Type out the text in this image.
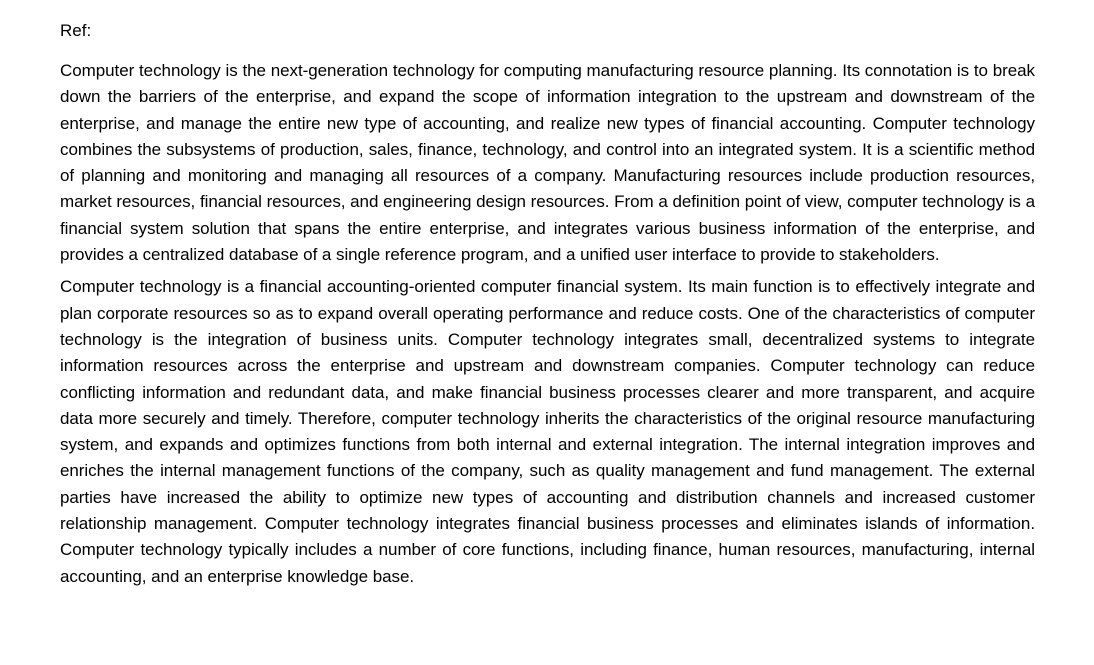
Ref:

Computer technology is the next-generation technology for computing manufacturing resource planning. Its connotation is to break down the barriers of the enterprise, and expand the scope of information integration to the upstream and downstream of the enterprise, and manage the entire new type of accounting, and realize new types of financial accounting. Computer technology combines the subsystems of production, sales, finance, technology, and control into an integrated system. It is a scientific method of planning and monitoring and managing all resources of a company. Manufacturing resources include production resources, market resources, financial resources, and engineering design resources. From a definition point of view, computer technology is a financial system solution that spans the entire enterprise, and integrates various business information of the enterprise, and provides a centralized database of a single reference program, and a unified user interface to provide to stakeholders.

Computer technology is a financial accounting-oriented computer financial system. Its main function is to effectively integrate and plan corporate resources so as to expand overall operating performance and reduce costs. One of the characteristics of computer technology is the integration of business units. Computer technology integrates small, decentralized systems to integrate information resources across the enterprise and upstream and downstream companies. Computer technology can reduce conflicting information and redundant data, and make financial business processes clearer and more transparent, and acquire data more securely and timely. Therefore, computer technology inherits the characteristics of the original resource manufacturing system, and expands and optimizes functions from both internal and external integration. The internal integration improves and enriches the internal management functions of the company, such as quality management and fund management. The external parties have increased the ability to optimize new types of accounting and distribution channels and increased customer relationship management. Computer technology integrates financial business processes and eliminates islands of information. Computer technology typically includes a number of core functions, including finance, human resources, manufacturing, internal accounting, and an enterprise knowledge base.
